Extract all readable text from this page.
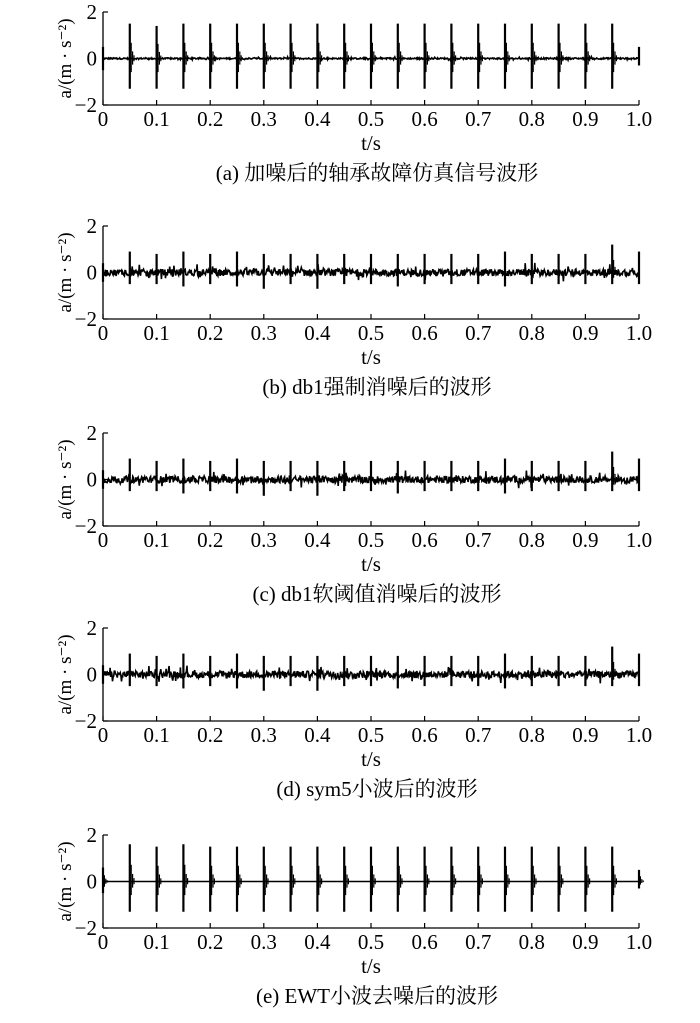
−2
0
2
0 0.1 0.2 0.3 0.4 0.5 0.6 0.7 0.8 0.9 1.0
a/(m · s⁻²)
t/s
(a) 加噪后的轴承故障仿真信号波形
−2
0
2
0 0.1 0.2 0.3 0.4 0.5 0.6 0.7 0.8 0.9 1.0
a/(m · s⁻²)
t/s
(b) db1强制消噪后的波形
−2
0
2
0 0.1 0.2 0.3 0.4 0.5 0.6 0.7 0.8 0.9 1.0
a/(m · s⁻²)
t/s
(c) db1软阈值消噪后的波形
−2
0
2
0 0.1 0.2 0.3 0.4 0.5 0.6 0.7 0.8 0.9 1.0
a/(m · s⁻²)
t/s
(d) sym5小波后的波形
−2
0
2
0 0.1 0.2 0.3 0.4 0.5 0.6 0.7 0.8 0.9 1.0
a/(m · s⁻²)
t/s
(e) EWT小波去噪后的波形
